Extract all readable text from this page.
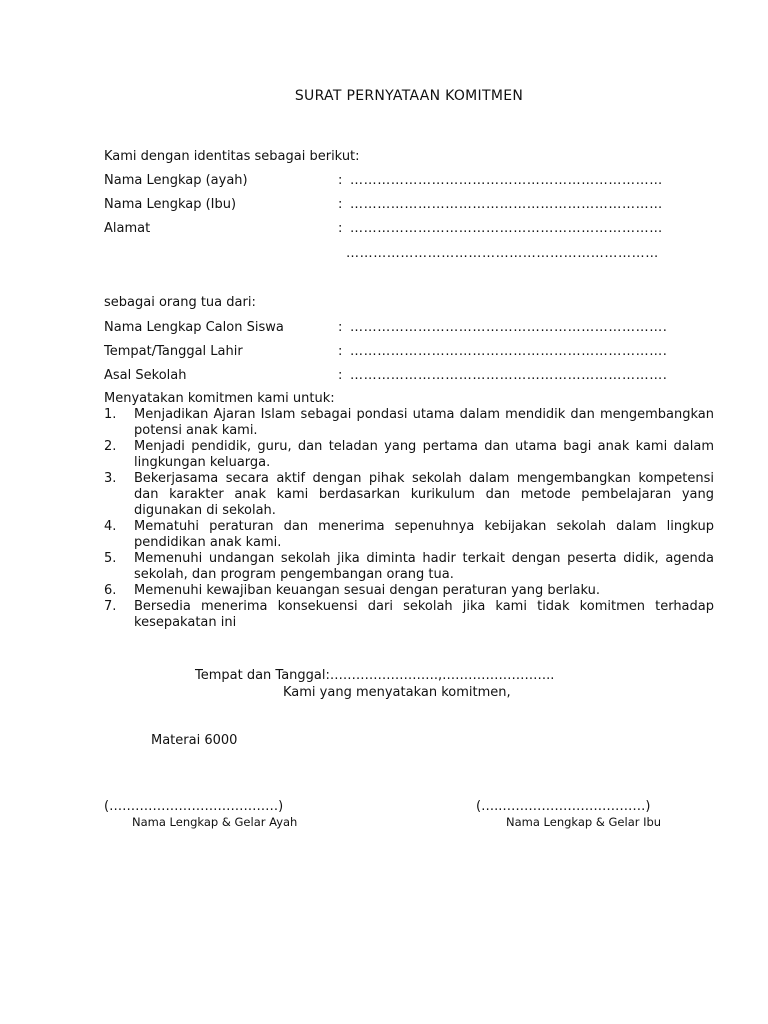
SURAT PERNYATAAN KOMITMEN
Kami dengan identitas sebagai berikut:
Nama Lengkap (ayah)	: ……………………………………………………………
Nama Lengkap (Ibu)	: ……………………………………………………………
Alamat	: ……………………………………………………………
……………………………………………………………
sebagai orang tua dari:
Nama Lengkap Calon Siswa	: …………………………………………………………….
Tempat/Tanggal Lahir	: …………………………………………………………….
Asal Sekolah	: …………………………………………………………….
Menyatakan komitmen kami untuk:
1. Menjadikan Ajaran Islam sebagai pondasi utama dalam mendidik dan mengembangkan potensi anak kami.
2. Menjadi pendidik, guru, dan teladan yang pertama dan utama bagi anak kami dalam lingkungan keluarga.
3. Bekerjasama secara aktif dengan pihak sekolah dalam mengembangkan kompetensi dan karakter anak kami berdasarkan kurikulum dan metode pembelajaran yang digunakan di sekolah.
4. Mematuhi peraturan dan menerima sepenuhnya kebijakan sekolah dalam lingkup pendidikan anak kami.
5. Memenuhi undangan sekolah jika diminta hadir terkait dengan peserta didik, agenda sekolah, dan program pengembangan orang tua.
6. Memenuhi kewajiban keuangan sesuai dengan peraturan yang berlaku.
7. Bersedia menerima konsekuensi dari sekolah jika kami tidak komitmen terhadap kesepakatan ini
Tempat dan Tanggal:…………………….,……………………..
Kami yang menyatakan komitmen,
Materai 6000
(…………………………………)
Nama Lengkap & Gelar Ayah
(…..……………………………)
Nama Lengkap & Gelar Ibu
